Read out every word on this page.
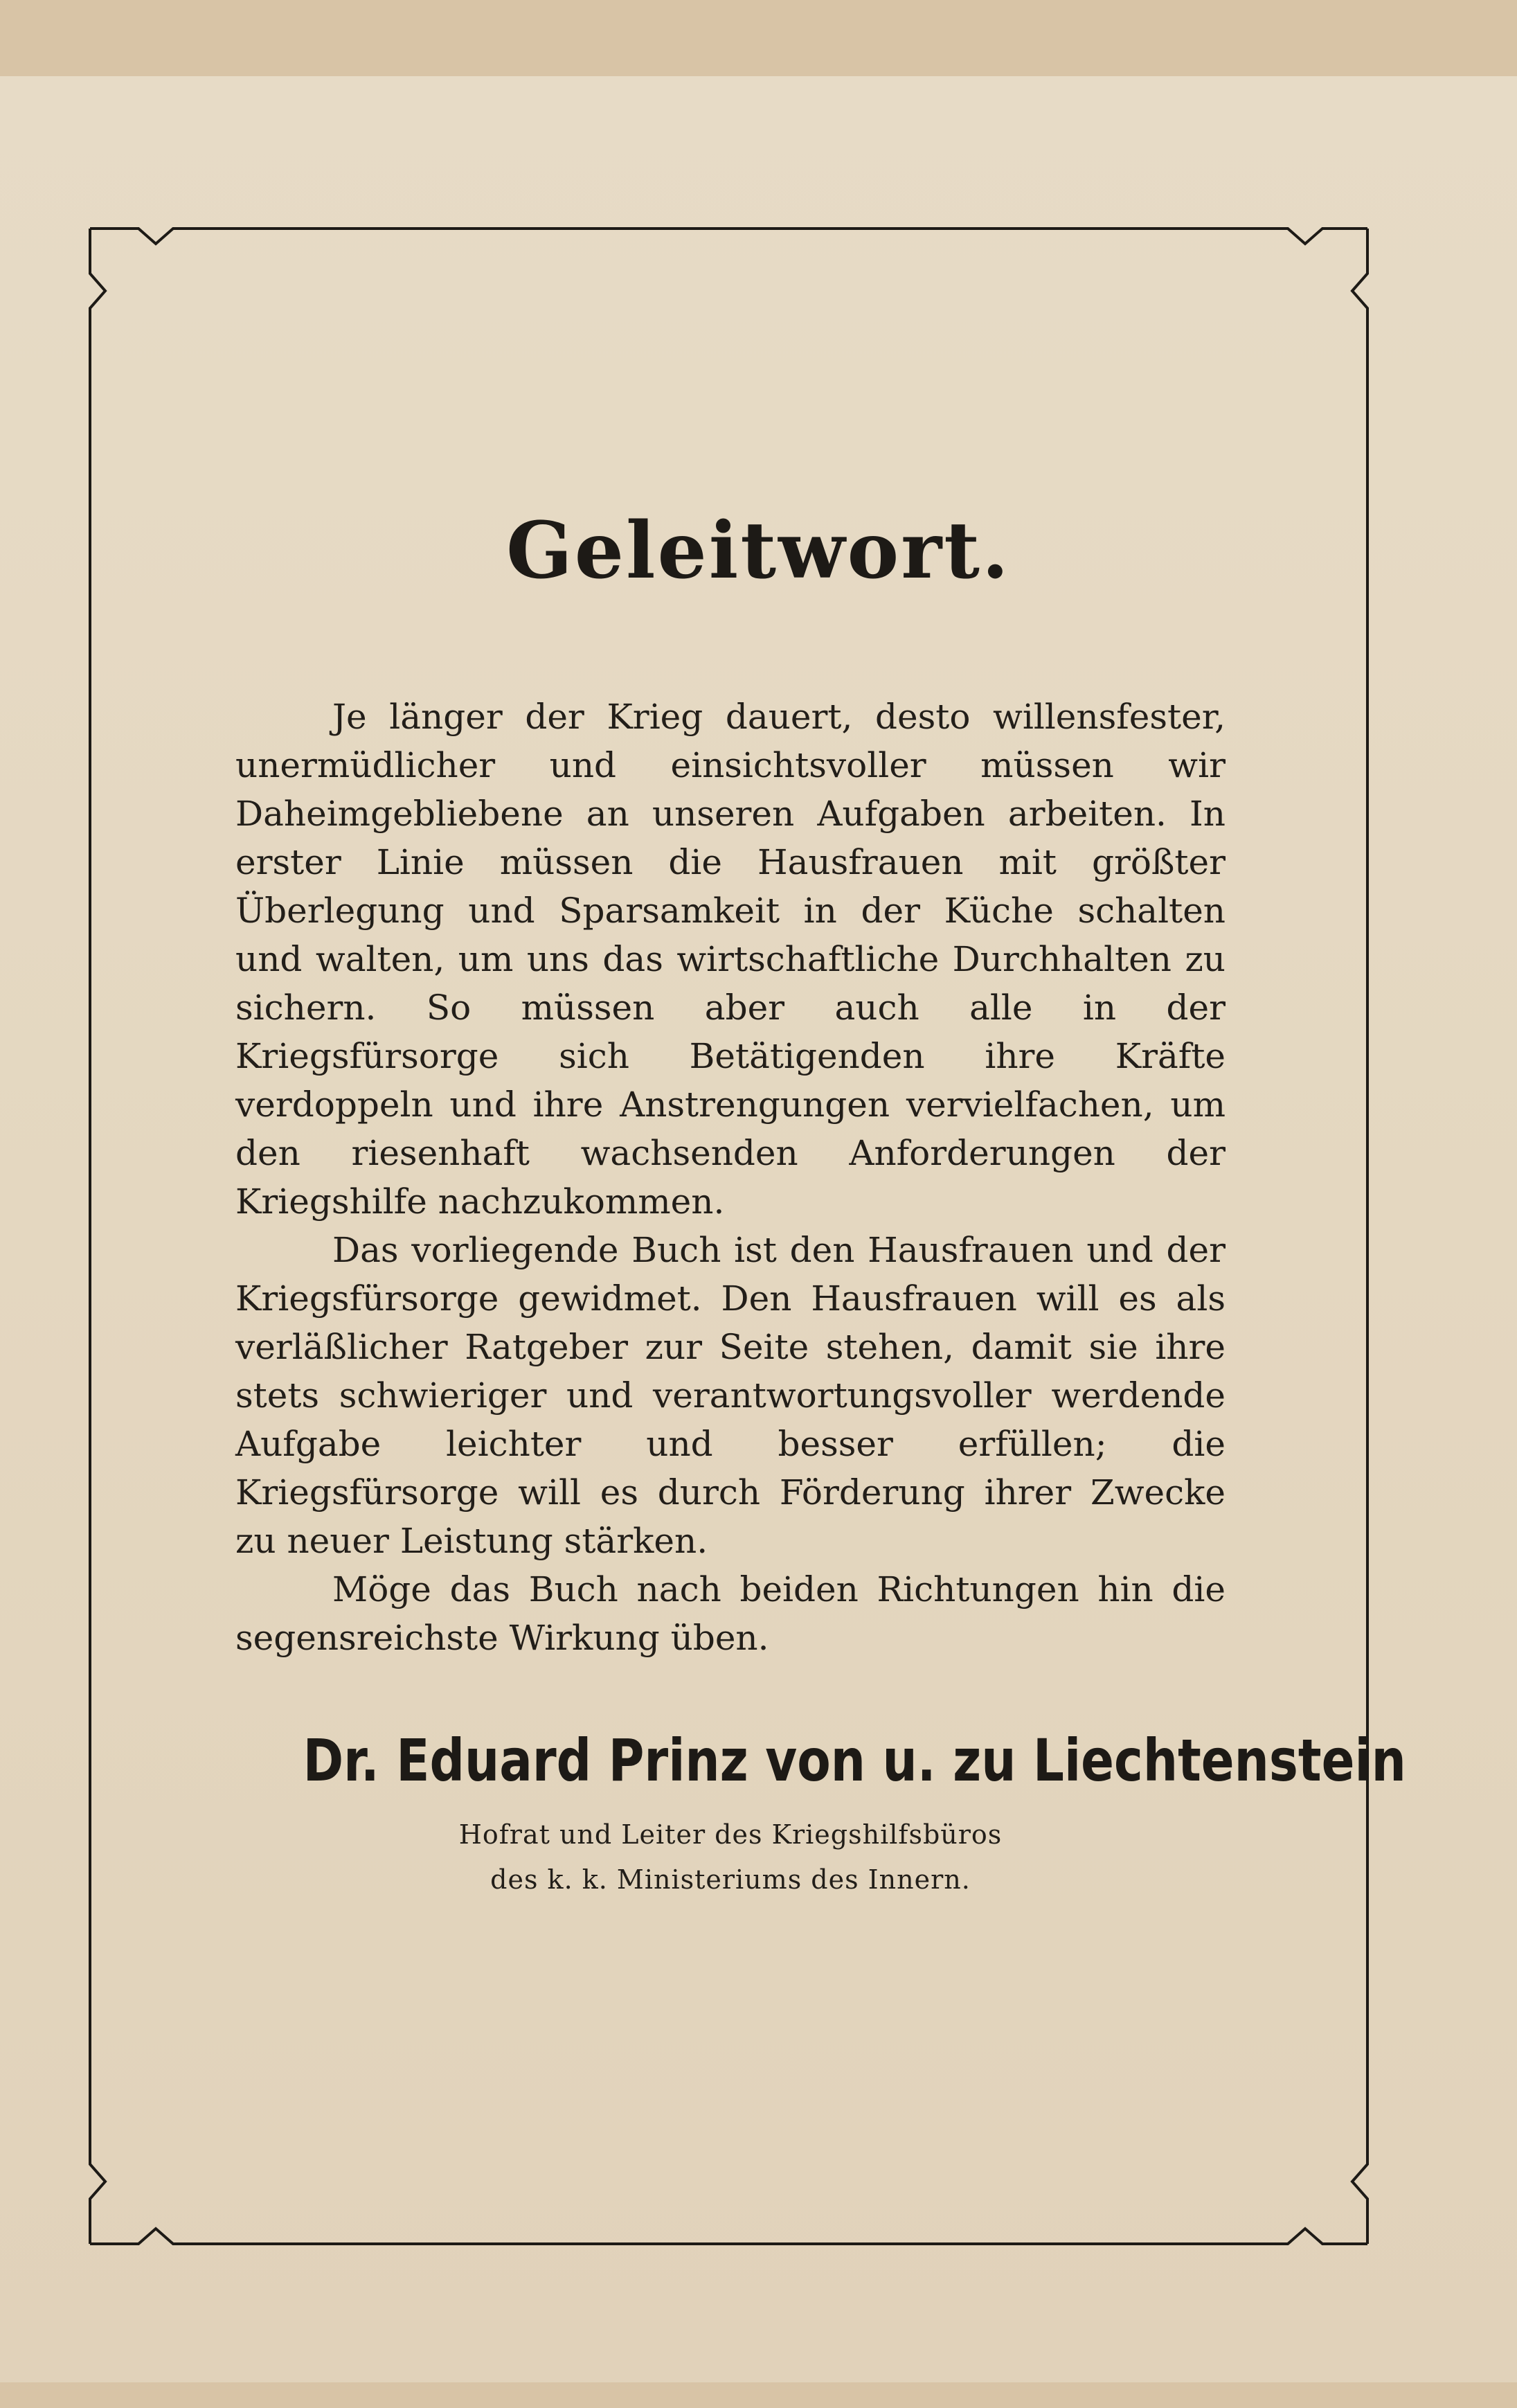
Geleitwort.

Je länger der Krieg dauert, desto willensfester, unermüdlicher und einsichtsvoller müssen wir Daheimgebliebene an unseren Aufgaben arbeiten. In erster Linie müssen die Hausfrauen mit größter Überlegung und Sparsamkeit in der Küche schalten und walten, um uns das wirtschaftliche Durchhalten zu sichern. So müssen aber auch alle in der Kriegsfürsorge sich Betätigenden ihre Kräfte verdoppeln und ihre Anstrengungen vervielfachen, um den riesenhaft wachsenden Anforderungen der Kriegshilfe nachzukommen.

Das vorliegende Buch ist den Hausfrauen und der Kriegsfürsorge gewidmet. Den Hausfrauen will es als verläßlicher Ratgeber zur Seite stehen, damit sie ihre stets schwieriger und verantwortungsvoller werdende Aufgabe leichter und besser erfüllen; die Kriegsfürsorge will es durch Förderung ihrer Zwecke zu neuer Leistung stärken.

Möge das Buch nach beiden Richtungen hin die segensreichste Wirkung üben.

Dr. Eduard Prinz von u. zu Liechtenstein
Hofrat und Leiter des Kriegshilfsbüros
des k. k. Ministeriums des Innern.
